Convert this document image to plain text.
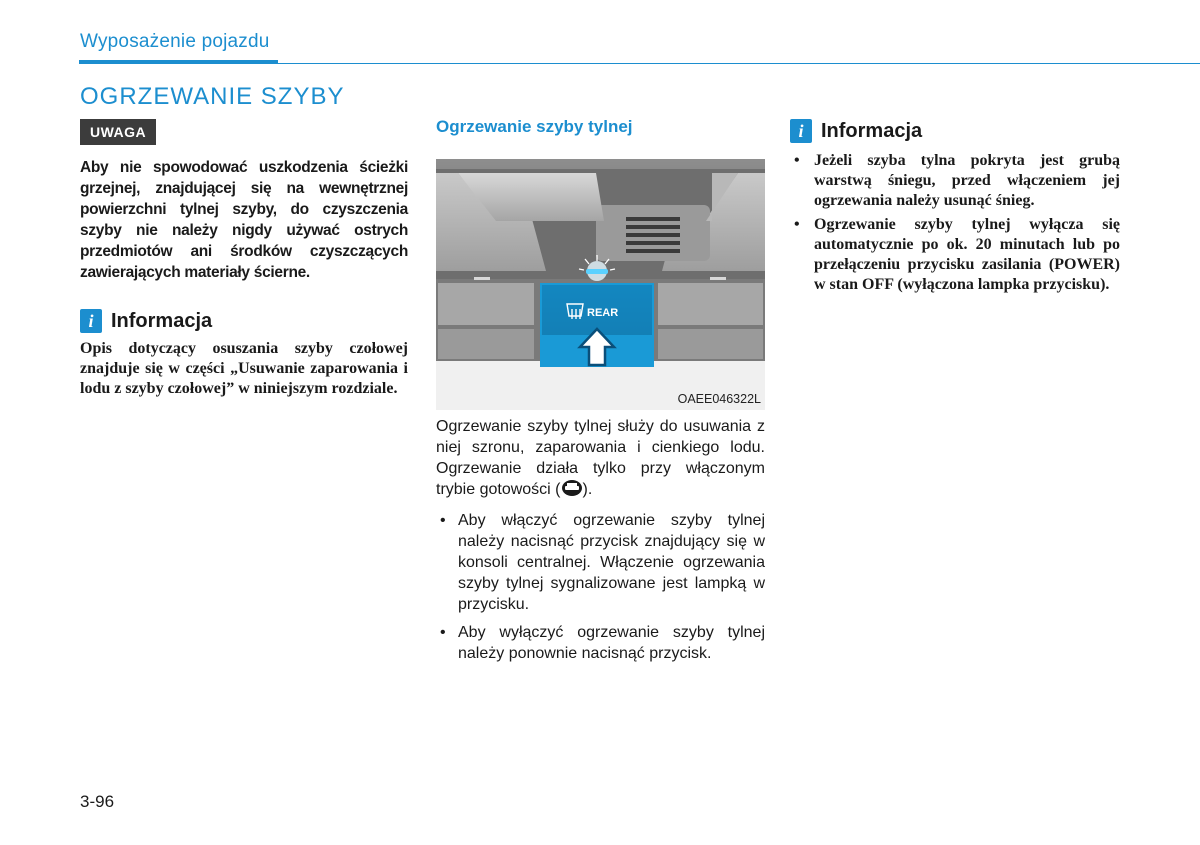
Wyposażenie pojazdu
OGRZEWANIE SZYBY
UWAGA
Aby nie spowodować uszkodzenia ścieżki grzejnej, znajdującej się na wewnętrznej powierzchni tylnej szyby, do czyszczenia szyby nie należy nigdy używać ostrych przedmiotów ani środków czyszczących zawierających materiały ścierne.
i Informacja
Opis dotyczący osuszania szyby czołowej znajduje się w części „Usuwanie zaparowania i lodu z szyby czołowej” w niniejszym rozdziale.
Ogrzewanie szyby tylnej
REAR
OAEE046322L
Ogrzewanie szyby tylnej służy do usuwania z niej szronu, zaparowania i cienkiego lodu. Ogrzewanie działa tylko przy włączonym trybie gotowości ( ).
• Aby włączyć ogrzewanie szyby tylnej należy nacisnąć przycisk znajdujący się w konsoli centralnej. Włączenie ogrzewania szyby tylnej sygnalizowane jest lampką w przycisku.
• Aby wyłączyć ogrzewanie szyby tylnej należy ponownie nacisnąć przycisk.
i Informacja
• Jeżeli szyba tylna pokryta jest grubą warstwą śniegu, przed włączeniem jej ogrzewania należy usunąć śnieg.
• Ogrzewanie szyby tylnej wyłącza się automatycznie po ok. 20 minutach lub po przełączeniu przycisku zasilania (POWER) w stan OFF (wyłączona lampka przycisku).
3-96
